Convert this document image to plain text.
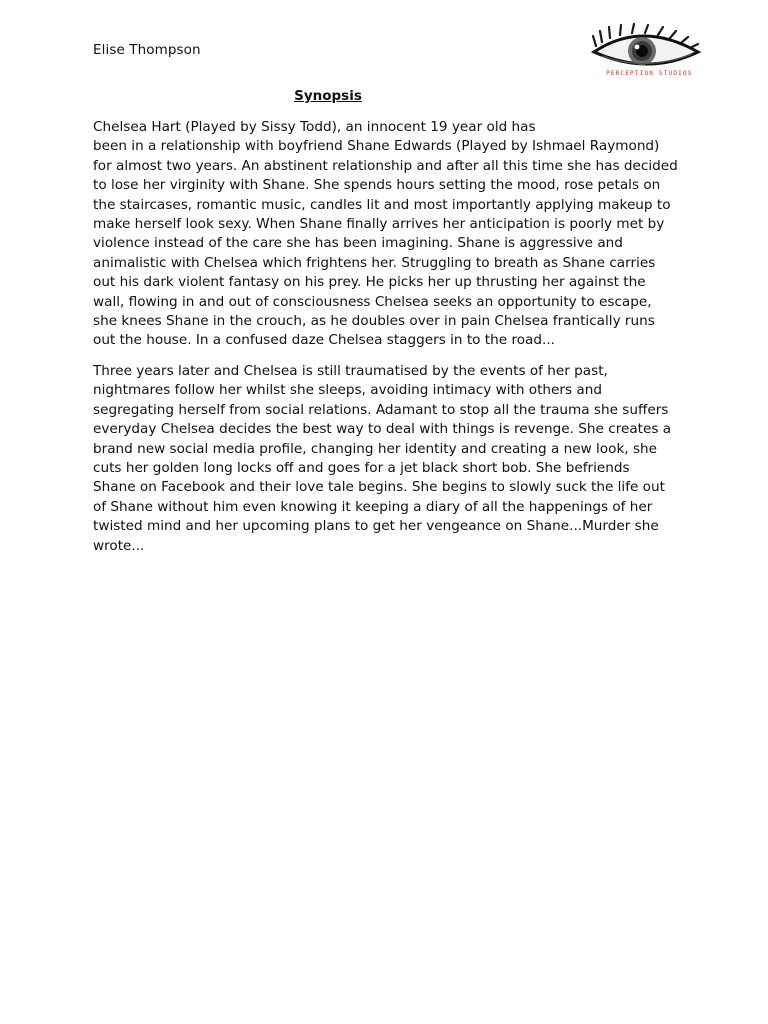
Elise Thompson
PERCEPTION STUDIOS
Synopsis

Chelsea Hart (Played by Sissy Todd), an innocent 19 year old has
been in a relationship with boyfriend Shane Edwards (Played by Ishmael Raymond)
for almost two years. An abstinent relationship and after all this time she has decided
to lose her virginity with Shane. She spends hours setting the mood, rose petals on
the staircases, romantic music, candles lit and most importantly applying makeup to
make herself look sexy. When Shane finally arrives her anticipation is poorly met by
violence instead of the care she has been imagining. Shane is aggressive and
animalistic with Chelsea which frightens her. Struggling to breath as Shane carries
out his dark violent fantasy on his prey. He picks her up thrusting her against the
wall, flowing in and out of consciousness Chelsea seeks an opportunity to escape,
she knees Shane in the crouch, as he doubles over in pain Chelsea frantically runs
out the house. In a confused daze Chelsea staggers in to the road...

Three years later and Chelsea is still traumatised by the events of her past,
nightmares follow her whilst she sleeps, avoiding intimacy with others and
segregating herself from social relations. Adamant to stop all the trauma she suffers
everyday Chelsea decides the best way to deal with things is revenge. She creates a
brand new social media profile, changing her identity and creating a new look, she
cuts her golden long locks off and goes for a jet black short bob. She befriends
Shane on Facebook and their love tale begins. She begins to slowly suck the life out
of Shane without him even knowing it keeping a diary of all the happenings of her
twisted mind and her upcoming plans to get her vengeance on Shane...Murder she
wrote...
